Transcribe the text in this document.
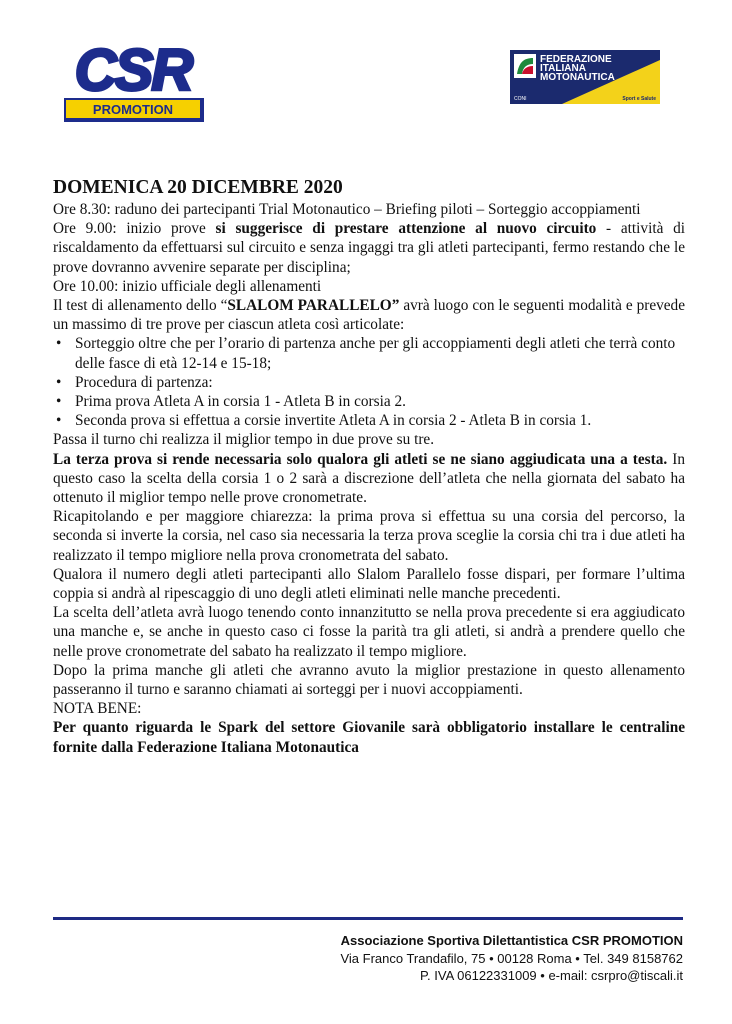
CSR
PROMOTION
FEDERAZIONE
ITALIANA
MOTONAUTICA
CONI	Sport e Salute

DOMENICA 20 DICEMBRE 2020

Ore 8.30: raduno dei partecipanti Trial Motonautico – Briefing piloti – Sorteggio accoppiamenti

Ore 9.00: inizio prove si suggerisce di prestare attenzione al nuovo circuito - attività di riscaldamento da effettuarsi sul circuito e senza ingaggi tra gli atleti partecipanti, fermo restando che le prove dovranno avvenire separate per disciplina;

Ore 10.00: inizio ufficiale degli allenamenti

Il test di allenamento dello “SLALOM PARALLELO” avrà luogo con le seguenti modalità e prevede un massimo di tre prove per ciascun atleta così articolate:

• Sorteggio oltre che per l’orario di partenza anche per gli accoppiamenti degli atleti che terrà conto delle fasce di età 12-14 e 15-18;
• Procedura di partenza:
• Prima prova Atleta A in corsia 1 - Atleta B in corsia 2.
• Seconda prova si effettua a corsie invertite Atleta A in corsia 2 - Atleta B in corsia 1.

Passa il turno chi realizza il miglior tempo in due prove su tre.

La terza prova si rende necessaria solo qualora gli atleti se ne siano aggiudicata una a testa. In questo caso la scelta della corsia 1 o 2 sarà a discrezione dell’atleta che nella giornata del sabato ha ottenuto il miglior tempo nelle prove cronometrate.

Ricapitolando e per maggiore chiarezza: la prima prova si effettua su una corsia del percorso, la seconda si inverte la corsia, nel caso sia necessaria la terza prova sceglie la corsia chi tra i due atleti ha realizzato il tempo migliore nella prova cronometrata del sabato.

Qualora il numero degli atleti partecipanti allo Slalom Parallelo fosse dispari, per formare l’ultima coppia si andrà al ripescaggio di uno degli atleti eliminati nelle manche precedenti.

La scelta dell’atleta avrà luogo tenendo conto innanzitutto se nella prova precedente si era aggiudicato una manche e, se anche in questo caso ci fosse la parità tra gli atleti, si andrà a prendere quello che nelle prove cronometrate del sabato ha realizzato il tempo migliore.

Dopo la prima manche gli atleti che avranno avuto la miglior prestazione in questo allenamento passeranno il turno e saranno chiamati ai sorteggi per i nuovi accoppiamenti.

NOTA BENE:

Per quanto riguarda le Spark del settore Giovanile sarà obbligatorio installare le centraline fornite dalla Federazione Italiana Motonautica

Associazione Sportiva Dilettantistica CSR PROMOTION
Via Franco Trandafilo, 75 • 00128 Roma • Tel. 349 8158762
P. IVA 06122331009 • e-mail: csrpro@tiscali.it
